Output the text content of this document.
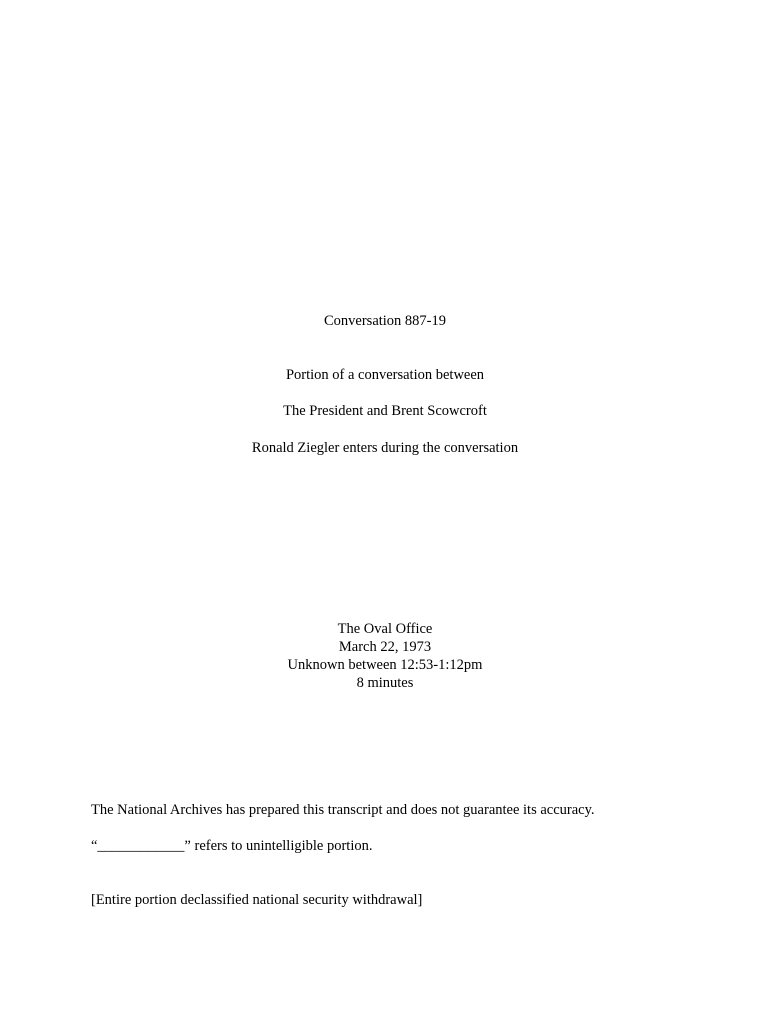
Conversation 887-19
Portion of a conversation between
The President and Brent Scowcroft
Ronald Ziegler enters during the conversation
The Oval Office
March 22, 1973
Unknown between 12:53-1:12pm
8 minutes
The National Archives has prepared this transcript and does not guarantee its accuracy.
“____________” refers to unintelligible portion.
[Entire portion declassified national security withdrawal]
